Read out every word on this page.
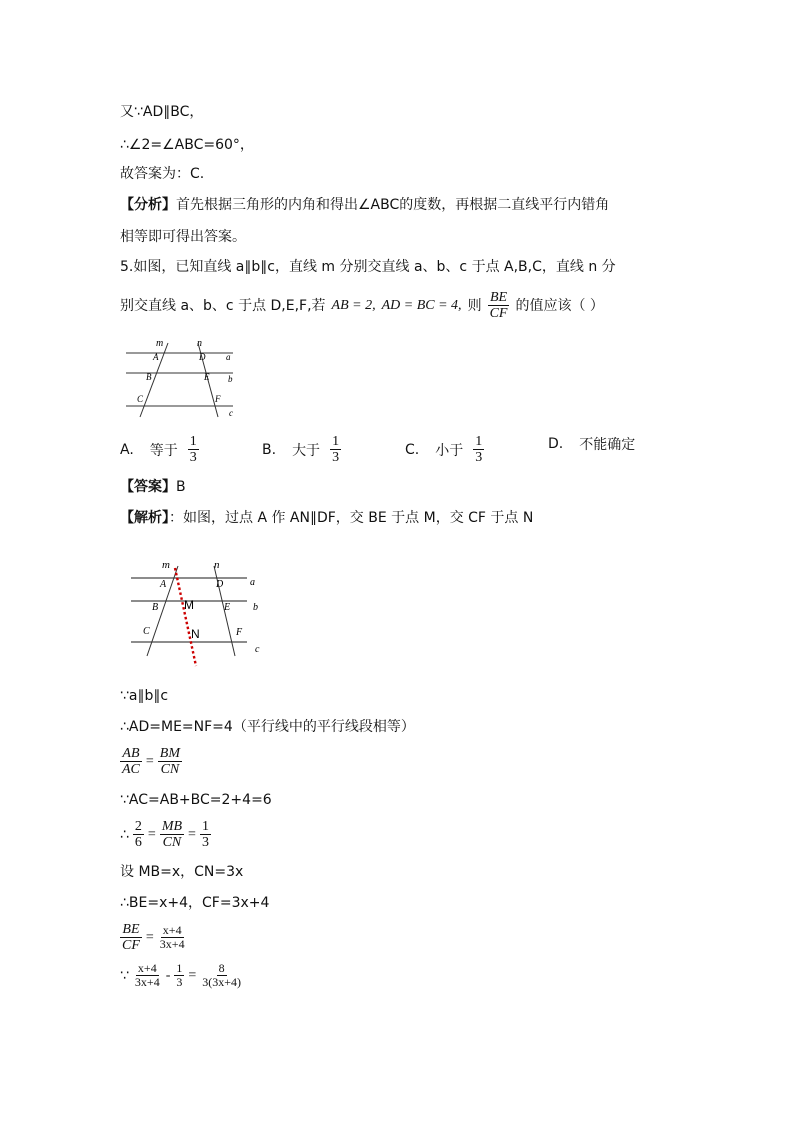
又∵AD∥BC，
∴∠2=∠ABC=60°，
故答案为：C.
【分析】首先根据三角形的内角和得出∠ABC的度数，再根据二直线平行内错角
相等即可得出答案。
5.如图，已知直线 a∥b∥c，直线 m 分别交直线 a、b、c 于点 A,B,C，直线 n 分
别交直线 a、b、c 于点 D,E,F,若 AB = 2, AD = BC = 4, 则 $\frac{BE}{CF}$ 的值应该（ ）
m	n
A	D a
B	E b
C	F
c
A. 等于 $\frac{1}{3}$	B. 大于 $\frac{1}{3}$	C. 小于 $\frac{1}{3}$	D. 不能确定
【答案】B
【解析】：如图，过点 A 作 AN∥DF，交 BE 于点 M，交 CF 于点 N
m	n
A	D	a
B M	E b
C	N	F
c
∵a∥b∥c
∴AD=ME=NF=4（平行线中的平行线段相等）
$\frac{AB}{AC} = \frac{BM}{CN}$
∵AC=AB+BC=2+4=6
∴ $\frac{2}{6} = \frac{MB}{CN} = \frac{1}{3}$
设 MB=x，CN=3x
∴BE=x+4，CF=3x+4
$\frac{BE}{CF} = \frac{x+4}{3x+4}$
∵ $\frac{x+4}{3x+4} - \frac{1}{3} = \frac{8}{3(3x+4)}$
